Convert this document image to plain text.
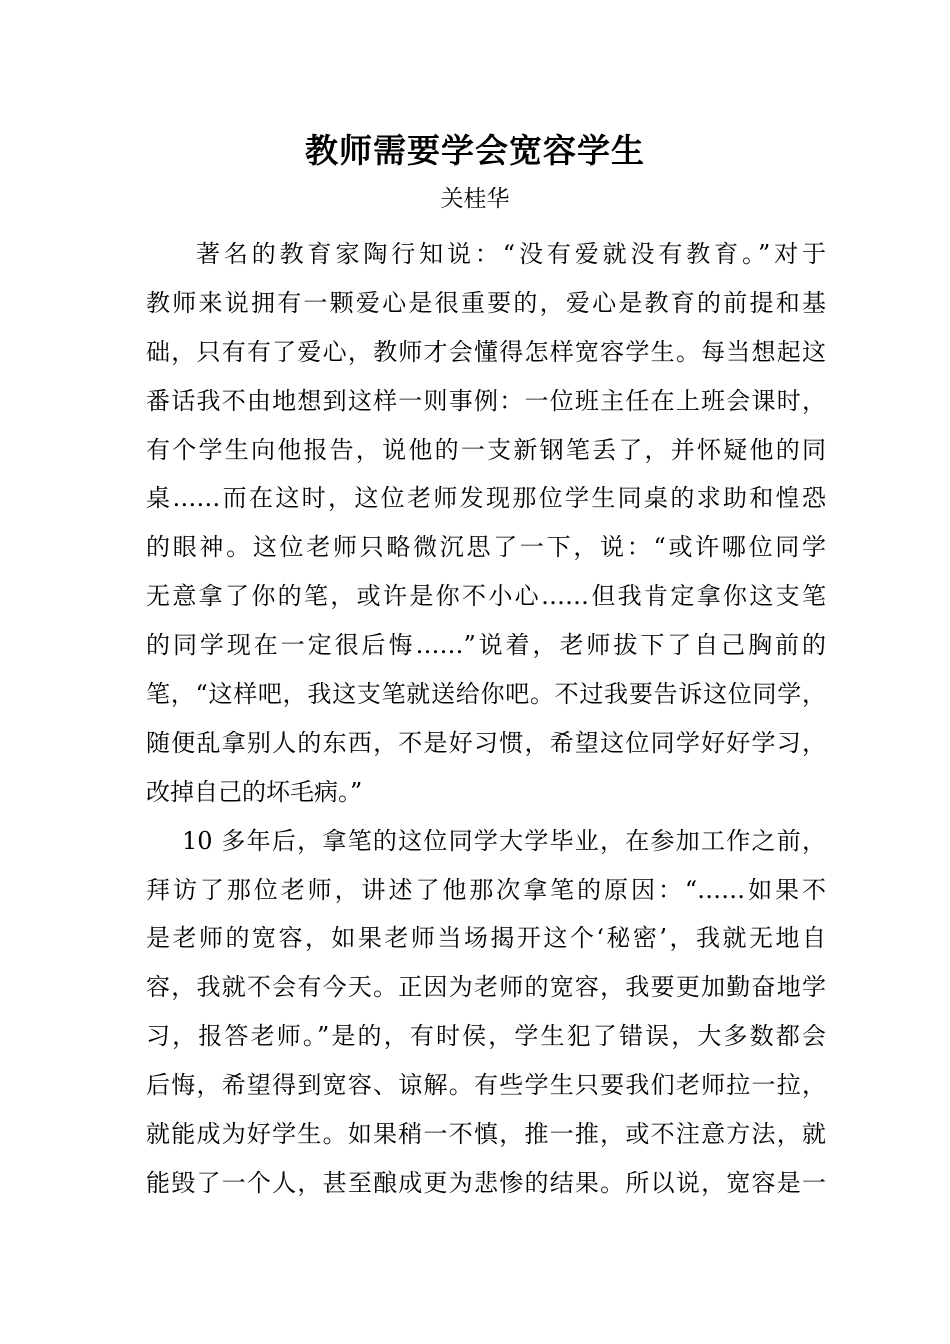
教师需要学会宽容学生
关桂华
著名的教育家陶行知说：“没有爱就没有教育。”对于
教师来说拥有一颗爱心是很重要的，爱心是教育的前提和基
础，只有有了爱心，教师才会懂得怎样宽容学生。每当想起这
番话我不由地想到这样一则事例：一位班主任在上班会课时，
有个学生向他报告，说他的一支新钢笔丢了，并怀疑他的同
桌……而在这时，这位老师发现那位学生同桌的求助和惶恐
的眼神。这位老师只略微沉思了一下，说：“或许哪位同学
无意拿了你的笔，或许是你不小心……但我肯定拿你这支笔
的同学现在一定很后悔……”说着，老师拔下了自己胸前的
笔，“这样吧，我这支笔就送给你吧。不过我要告诉这位同学，
随便乱拿别人的东西，不是好习惯，希望这位同学好好学习，
改掉自己的坏毛病。”
10 多年后，拿笔的这位同学大学毕业，在参加工作之前，
拜访了那位老师，讲述了他那次拿笔的原因：“……如果不
是老师的宽容，如果老师当场揭开这个‘秘密’，我就无地自
容，我就不会有今天。正因为老师的宽容，我要更加勤奋地学
习，报答老师。”是的，有时侯，学生犯了错误，大多数都会
后悔，希望得到宽容、谅解。有些学生只要我们老师拉一拉，
就能成为好学生。如果稍一不慎，推一推，或不注意方法，就
能毁了一个人，甚至酿成更为悲惨的结果。所以说，宽容是一
